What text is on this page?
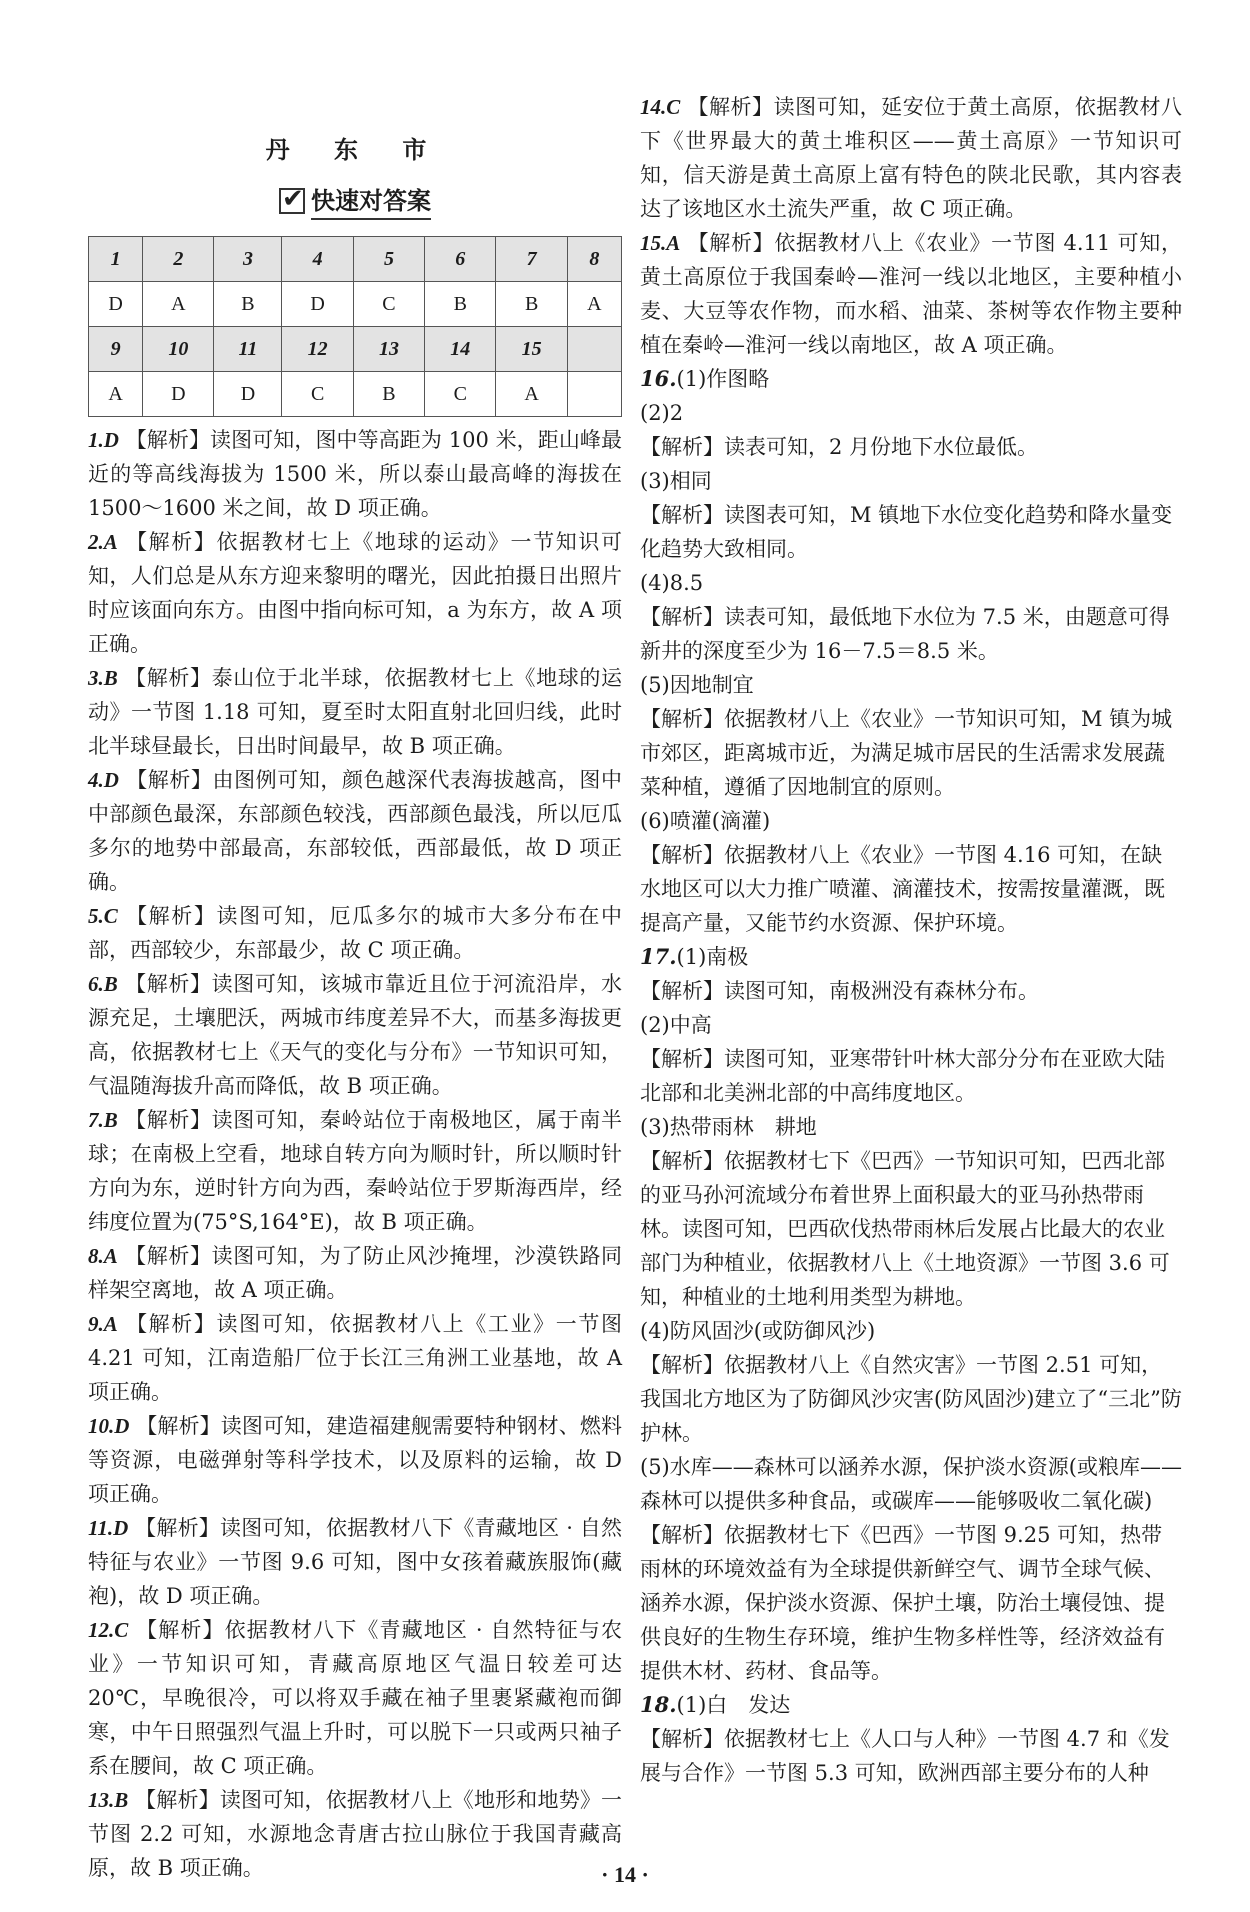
丹 东 市
✔
快速对答案
1	2	3	4	5	6	7	8
D	A	B	D	C	B	B	A
9	10	11	12	13	14	15	
A	D	D	C	B	C	A	

1.D 【解析】读图可知，图中等高距为 100 米，距山峰最近的等高线海拔为 1500 米，所以泰山最高峰的海拔在 1500～1600 米之间，故 D 项正确。

2.A 【解析】依据教材七上《地球的运动》一节知识可知，人们总是从东方迎来黎明的曙光，因此拍摄日出照片时应该面向东方。由图中指向标可知，a 为东方，故 A 项正确。

3.B 【解析】泰山位于北半球，依据教材七上《地球的运动》一节图 1.18 可知，夏至时太阳直射北回归线，此时北半球昼最长，日出时间最早，故 B 项正确。

4.D 【解析】由图例可知，颜色越深代表海拔越高，图中中部颜色最深，东部颜色较浅，西部颜色最浅，所以厄瓜多尔的地势中部最高，东部较低，西部最低，故 D 项正确。

5.C 【解析】读图可知，厄瓜多尔的城市大多分布在中部，西部较少，东部最少，故 C 项正确。

6.B 【解析】读图可知，该城市靠近且位于河流沿岸，水源充足，土壤肥沃，两城市纬度差异不大，而基多海拔更高，依据教材七上《天气的变化与分布》一节知识可知，气温随海拔升高而降低，故 B 项正确。

7.B 【解析】读图可知，秦岭站位于南极地区，属于南半球；在南极上空看，地球自转方向为顺时针，所以顺时针方向为东，逆时针方向为西，秦岭站位于罗斯海西岸，经纬度位置为(75°S,164°E)，故 B 项正确。

8.A 【解析】读图可知，为了防止风沙掩埋，沙漠铁路同样架空离地，故 A 项正确。

9.A 【解析】读图可知，依据教材八上《工业》一节图 4.21 可知，江南造船厂位于长江三角洲工业基地，故 A 项正确。

10.D 【解析】读图可知，建造福建舰需要特种钢材、燃料等资源，电磁弹射等科学技术，以及原料的运输，故 D 项正确。

11.D 【解析】读图可知，依据教材八下《青藏地区 · 自然特征与农业》一节图 9.6 可知，图中女孩着藏族服饰(藏袍)，故 D 项正确。

12.C 【解析】依据教材八下《青藏地区 · 自然特征与农业》一节知识可知，青藏高原地区气温日较差可达 20℃，早晚很冷，可以将双手藏在袖子里裹紧藏袍而御寒，中午日照强烈气温上升时，可以脱下一只或两只袖子系在腰间，故 C 项正确。

13.B 【解析】读图可知，依据教材八上《地形和地势》一节图 2.2 可知，水源地念青唐古拉山脉位于我国青藏高原，故 B 项正确。

14.C 【解析】读图可知，延安位于黄土高原，依据教材八下《世界最大的黄土堆积区——黄土高原》一节知识可知，信天游是黄土高原上富有特色的陕北民歌，其内容表达了该地区水土流失严重，故 C 项正确。

15.A 【解析】依据教材八上《农业》一节图 4.11 可知，黄土高原位于我国秦岭—淮河一线以北地区，主要种植小麦、大豆等农作物，而水稻、油菜、茶树等农作物主要种植在秦岭—淮河一线以南地区，故 A 项正确。

16.(1)作图略

(2)2

【解析】读表可知，2 月份地下水位最低。

(3)相同

【解析】读图表可知，M 镇地下水位变化趋势和降水量变化趋势大致相同。

(4)8.5

【解析】读表可知，最低地下水位为 7.5 米，由题意可得新井的深度至少为 16－7.5＝8.5 米。

(5)因地制宜

【解析】依据教材八上《农业》一节知识可知，M 镇为城市郊区，距离城市近，为满足城市居民的生活需求发展蔬菜种植，遵循了因地制宜的原则。

(6)喷灌(滴灌)

【解析】依据教材八上《农业》一节图 4.16 可知，在缺水地区可以大力推广喷灌、滴灌技术，按需按量灌溉，既提高产量，又能节约水资源、保护环境。

17.(1)南极

【解析】读图可知，南极洲没有森林分布。

(2)中高

【解析】读图可知，亚寒带针叶林大部分分布在亚欧大陆北部和北美洲北部的中高纬度地区。

(3)热带雨林　耕地

【解析】依据教材七下《巴西》一节知识可知，巴西北部的亚马孙河流域分布着世界上面积最大的亚马孙热带雨林。读图可知，巴西砍伐热带雨林后发展占比最大的农业部门为种植业，依据教材八上《土地资源》一节图 3.6 可知，种植业的土地利用类型为耕地。

(4)防风固沙(或防御风沙)

【解析】依据教材八上《自然灾害》一节图 2.51 可知，我国北方地区为了防御风沙灾害(防风固沙)建立了“三北”防护林。

(5)水库——森林可以涵养水源，保护淡水资源(或粮库——森林可以提供多种食品，或碳库——能够吸收二氧化碳)

【解析】依据教材七下《巴西》一节图 9.25 可知，热带雨林的环境效益有为全球提供新鲜空气、调节全球气候、涵养水源，保护淡水资源、保护土壤，防治土壤侵蚀、提供良好的生物生存环境，维护生物多样性等，经济效益有提供木材、药材、食品等。

18.(1)白　发达

【解析】依据教材七上《人口与人种》一节图 4.7 和《发展与合作》一节图 5.3 可知，欧洲西部主要分布的人种

· 14 ·
